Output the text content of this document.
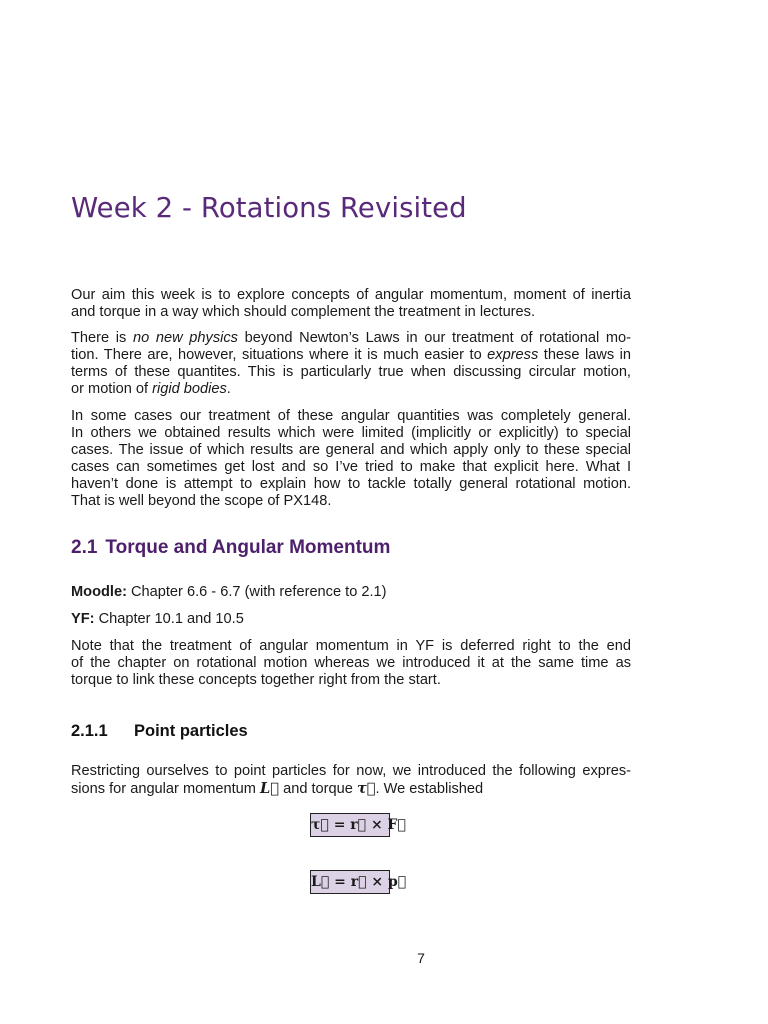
Week 2 - Rotations Revisited

Our aim this week is to explore concepts of angular momentum, moment of inertia
and torque in a way which should complement the treatment in lectures.

There is no new physics beyond Newton’s Laws in our treatment of rotational mo-
tion. There are, however, situations where it is much easier to express these laws in
terms of these quantites. This is particularly true when discussing circular motion,
or motion of rigid bodies.

In some cases our treatment of these angular quantities was completely general.
In others we obtained results which were limited (implicitly or explicitly) to special
cases. The issue of which results are general and which apply only to these special
cases can sometimes get lost and so I’ve tried to make that explicit here. What I
haven’t done is attempt to explain how to tackle totally general rotational motion.
That is well beyond the scope of PX148.

2.1 Torque and Angular Momentum
Moodle: Chapter 6.6 - 6.7 (with reference to 2.1)
YF: Chapter 10.1 and 10.5

Note that the treatment of angular momentum in YF is deferred right to the end
of the chapter on rotational motion whereas we introduced it at the same time as
torque to link these concepts together right from the start.

2.1.1 Point particles

Restricting ourselves to point particles for now, we introduced the following expres-
sions for angular momentum L⃗ and torque τ⃗. We established

τ⃗ = r⃗ × F⃗
L⃗ = r⃗ × p⃗
7
